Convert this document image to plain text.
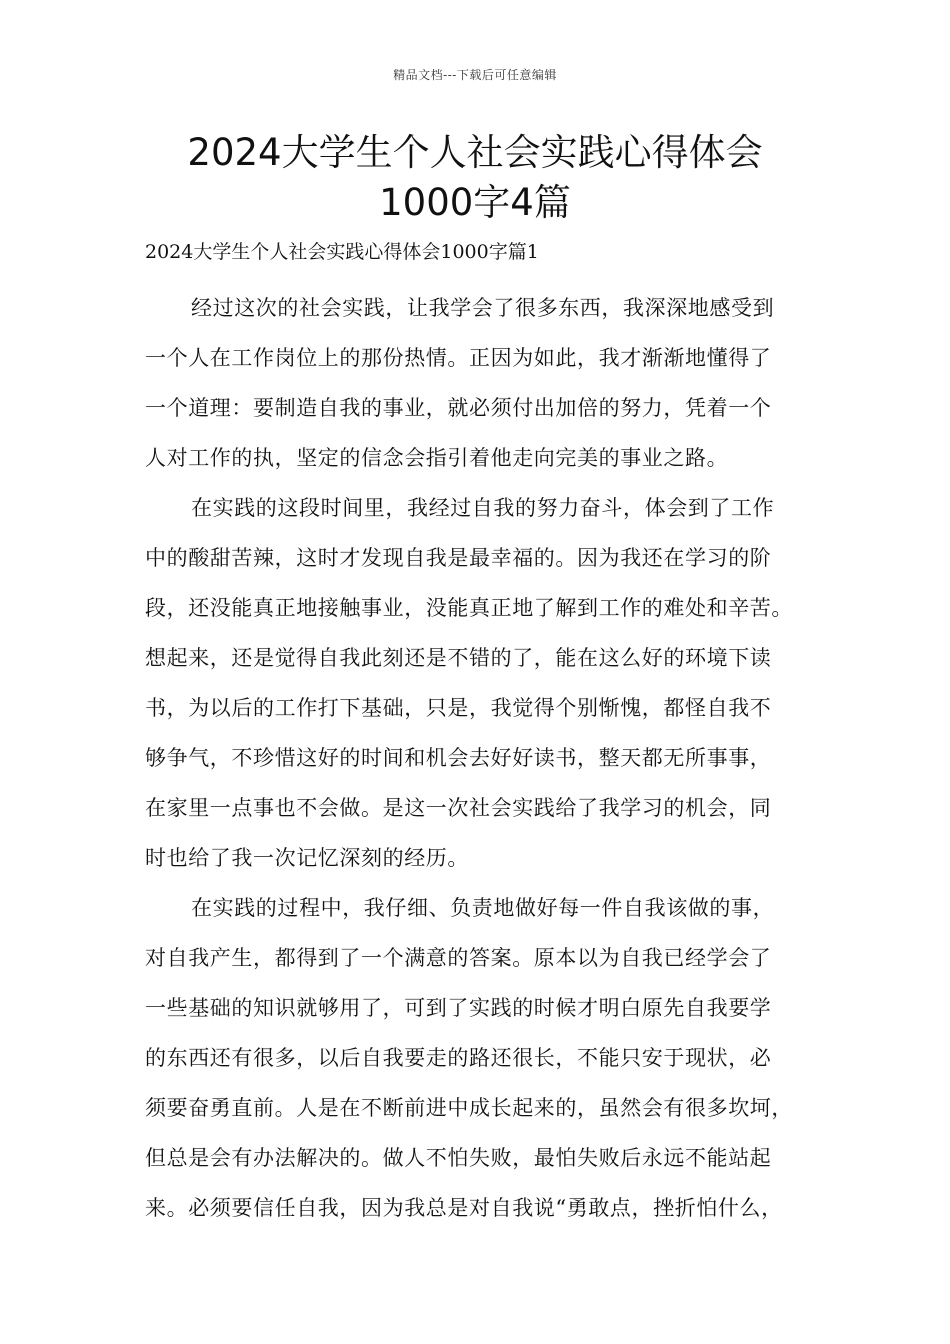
精品文档---下载后可任意编辑
2024大学生个人社会实践心得体会
1000字4篇
2024大学生个人社会实践心得体会1000字篇1

经过这次的社会实践，让我学会了很多东西，我深深地感受到
一个人在工作岗位上的那份热情。正因为如此，我才渐渐地懂得了
一个道理：要制造自我的事业，就必须付出加倍的努力，凭着一个
人对工作的执，坚定的信念会指引着他走向完美的事业之路。

在实践的这段时间里，我经过自我的努力奋斗，体会到了工作
中的酸甜苦辣，这时才发现自我是最幸福的。因为我还在学习的阶
段，还没能真正地接触事业，没能真正地了解到工作的难处和辛苦。
想起来，还是觉得自我此刻还是不错的了，能在这么好的环境下读
书，为以后的工作打下基础，只是，我觉得个别惭愧，都怪自我不
够争气，不珍惜这好的时间和机会去好好读书，整天都无所事事，
在家里一点事也不会做。是这一次社会实践给了我学习的机会，同
时也给了我一次记忆深刻的经历。

在实践的过程中，我仔细、负责地做好每一件自我该做的事，
对自我产生，都得到了一个满意的答案。原本以为自我已经学会了
一些基础的知识就够用了，可到了实践的时候才明白原先自我要学
的东西还有很多，以后自我要走的路还很长，不能只安于现状，必
须要奋勇直前。人是在不断前进中成长起来的，虽然会有很多坎坷，
但总是会有办法解决的。做人不怕失败，最怕失败后永远不能站起
来。必须要信任自我，因为我总是对自我说“勇敢点，挫折怕什么，
